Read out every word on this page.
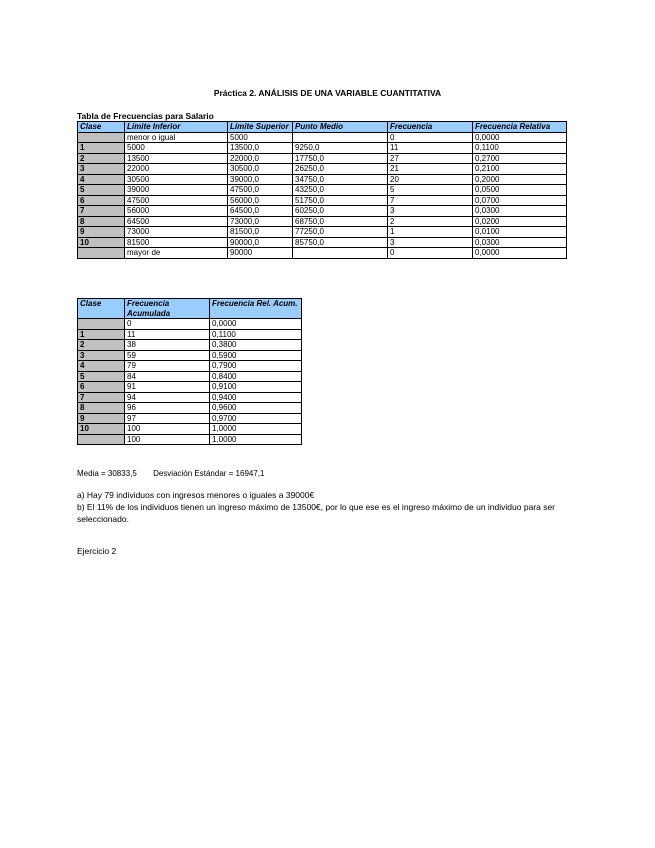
Práctica 2. ANÁLISIS DE UNA VARIABLE CUANTITATIVA
Tabla de Frecuencias para Salario
Clase	Límite Inferior	Límite Superior	Punto Medio	Frecuencia	Frecuencia Relativa
	menor o igual	5000		0	0,0000
1	5000	13500,0	9250,0	11	0,1100
2	13500	22000,0	17750,0	27	0,2700
3	22000	30500,0	26250,0	21	0,2100
4	30500	39000,0	34750,0	20	0,2000
5	39000	47500,0	43250,0	5	0,0500
6	47500	56000,0	51750,0	7	0,0700
7	56000	64500,0	60250,0	3	0,0300
8	64500	73000,0	68750,0	2	0,0200
9	73000	81500,0	77250,0	1	0,0100
10	81500	90000,0	85750,0	3	0,0300
	mayor de	90000		0	0,0000
Clase	Frecuencia Acumulada	Frecuencia Rel. Acum.
	0	0,0000
1	11	0,1100
2	38	0,3800
3	59	0,5900
4	79	0,7900
5	84	0,8400
6	91	0,9100
7	94	0,9400
8	96	0,9600
9	97	0,9700
10	100	1,0000
	100	1,0000
Media = 30833,5 Desviación Estándar = 16947,1

a) Hay 79 individuos con ingresos menores o iguales a 39000€

b) El 11% de los individuos tienen un ingreso máximo de 13500€, por lo que ese es el ingreso máximo de un individuo para ser seleccionado.

Ejercicio 2
